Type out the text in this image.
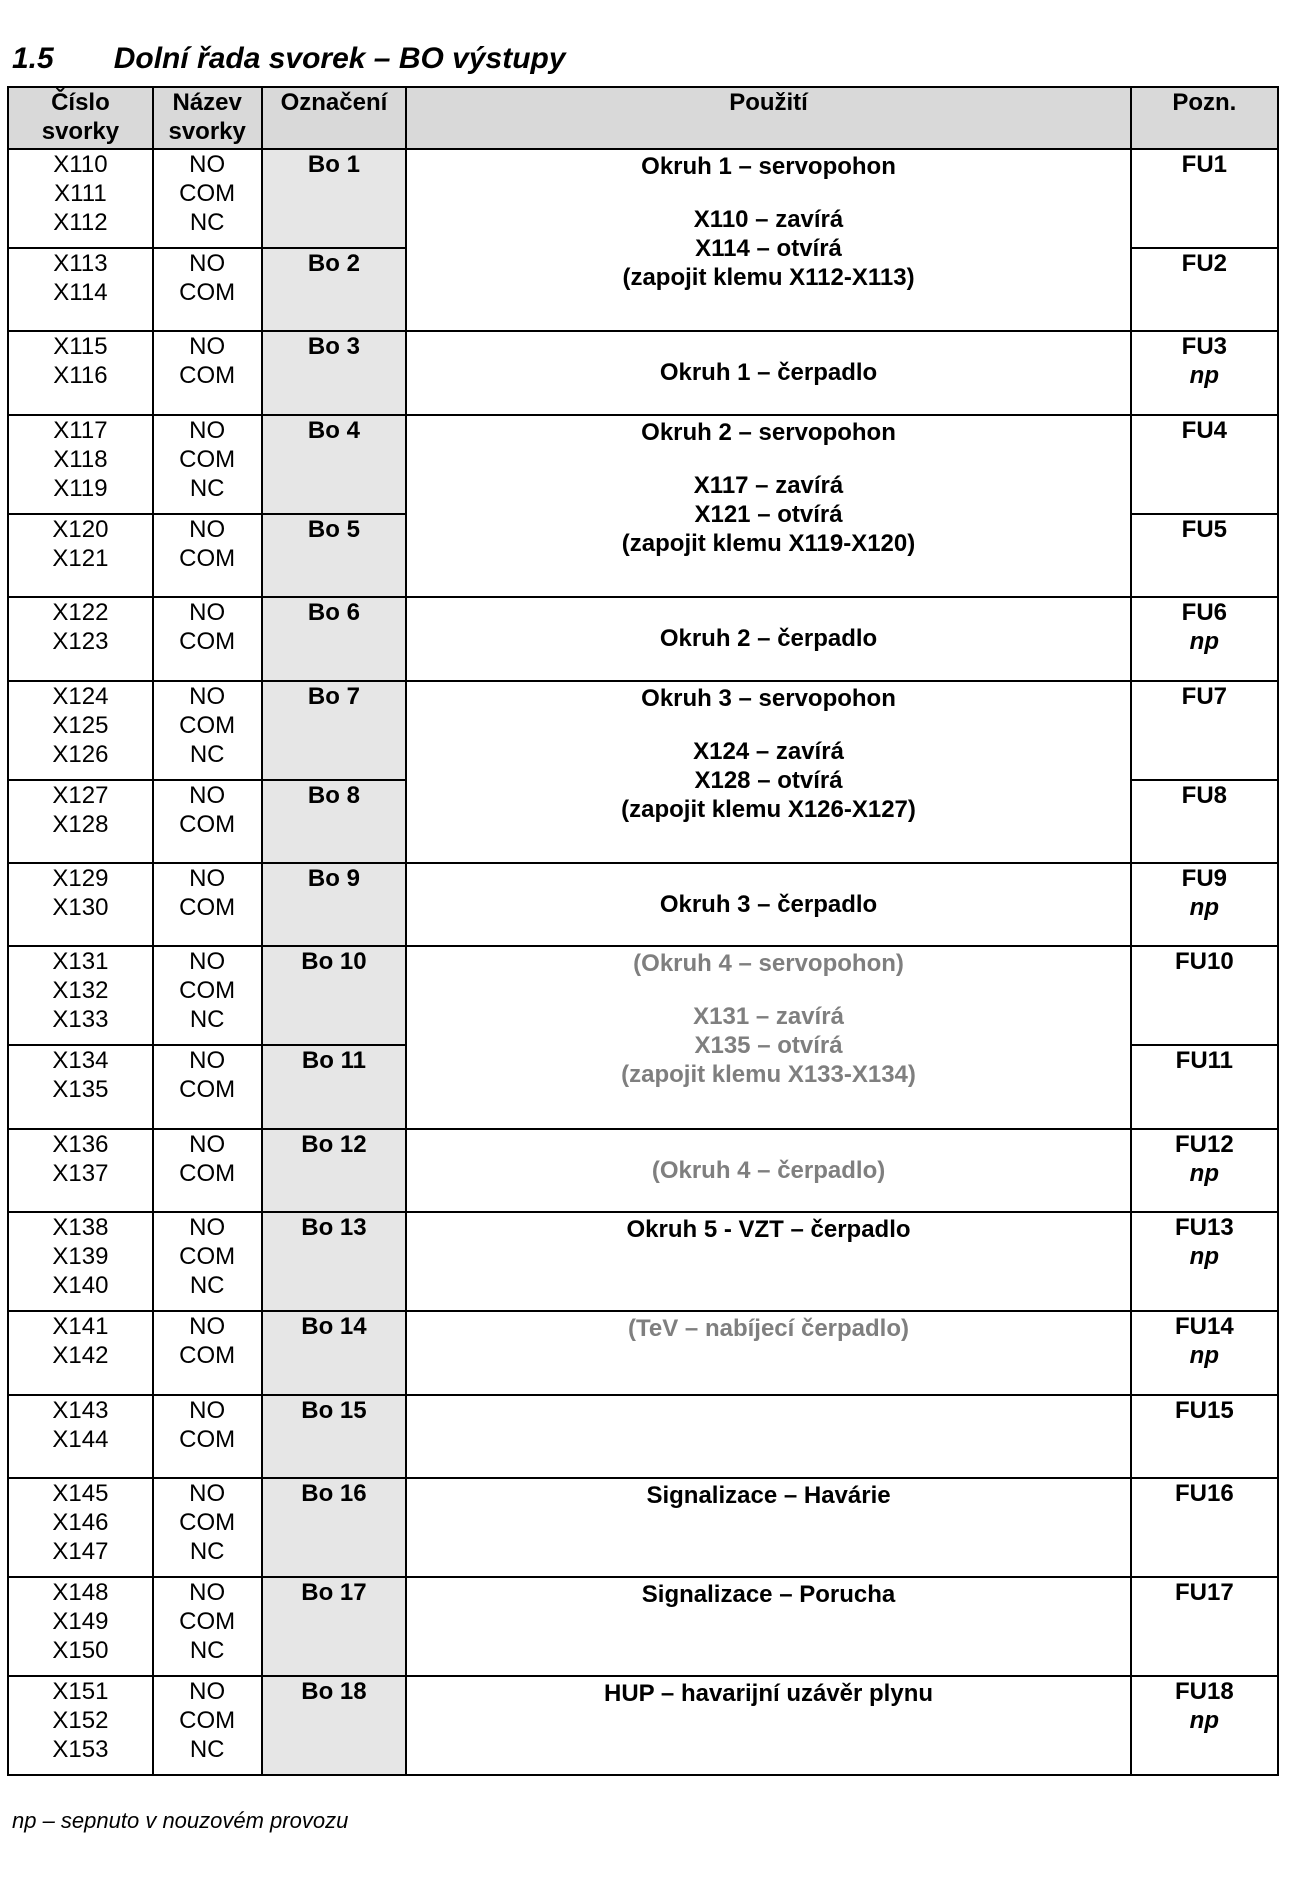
1.5  Dolní řada svorek – BO výstupy
Číslo
svorky	Název
svorky	Označení	Použití	Pozn.

X110
X111
X112	NO
COM
NC	Bo 1	Okruh 1 – servopohon
X110 – zavírá
X114 – otvírá
(zapojit klemu X112-X113)	FU1

X113
X114	NO
COM	Bo 2		FU2

X115
X116	NO
COM	Bo 3	Okruh 1 – čerpadlo	FU3
np

X117
X118
X119	NO
COM
NC	Bo 4	Okruh 2 – servopohon
X117 – zavírá
X121 – otvírá
(zapojit klemu X119-X120)	FU4

X120
X121	NO
COM	Bo 5		FU5

X122
X123	NO
COM	Bo 6	Okruh 2 – čerpadlo	FU6
np

X124
X125
X126	NO
COM
NC	Bo 7	Okruh 3 – servopohon
X124 – zavírá
X128 – otvírá
(zapojit klemu X126-X127)	FU7

X127
X128	NO
COM	Bo 8		FU8

X129
X130	NO
COM	Bo 9	Okruh 3 – čerpadlo	FU9
np

X131
X132
X133	NO
COM
NC	Bo 10	(Okruh 4 – servopohon)
X131 – zavírá
X135 – otvírá
(zapojit klemu X133-X134)	FU10

X134
X135	NO
COM	Bo 11		FU11

X136
X137	NO
COM	Bo 12	(Okruh 4 – čerpadlo)	FU12
np

X138
X139
X140	NO
COM
NC	Bo 13	Okruh 5 - VZT – čerpadlo	FU13
np

X141
X142	NO
COM	Bo 14	(TeV – nabíjecí čerpadlo)	FU14
np

X143
X144	NO
COM	Bo 15		FU15

X145
X146
X147	NO
COM
NC	Bo 16	Signalizace – Havárie	FU16

X148
X149
X150	NO
COM
NC	Bo 17	Signalizace – Porucha	FU17

X151
X152
X153	NO
COM
NC	Bo 18	HUP – havarijní uzávěr plynu	FU18
np
np – sepnuto v nouzovém provozu
